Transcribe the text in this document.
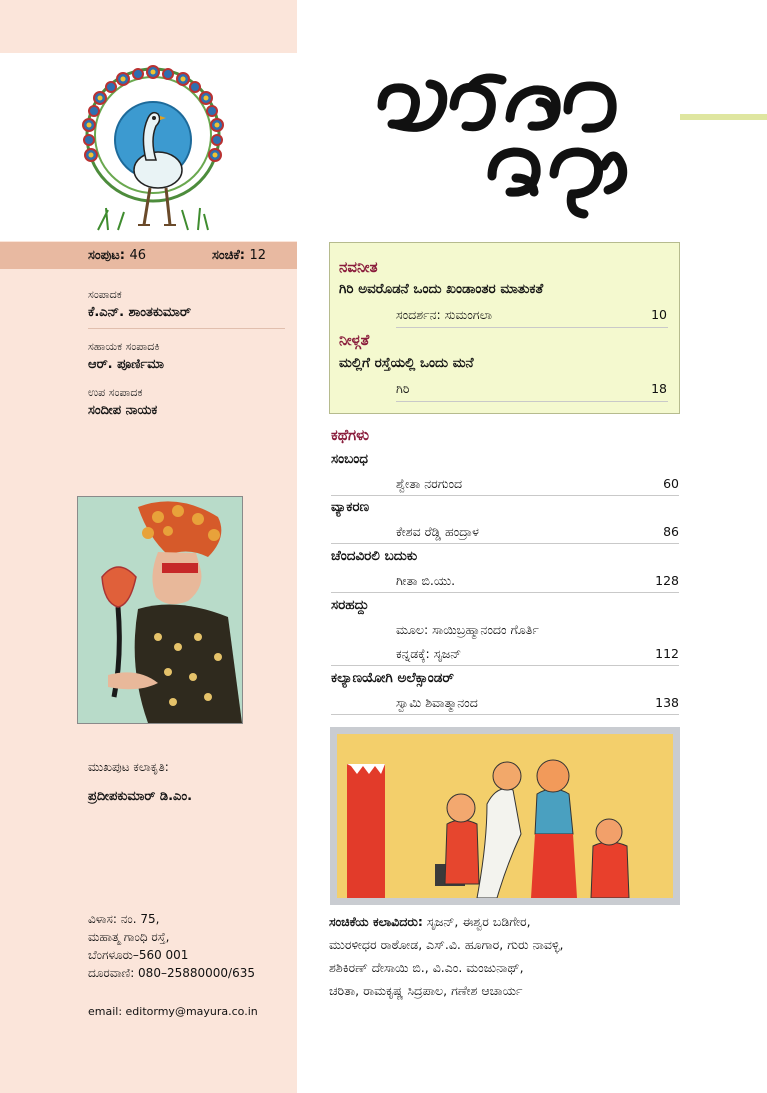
ಸಂಪುಟ: 46	ಸಂಚಿಕೆ: 12
ಸಂಪಾದಕ
ಕೆ.ಎನ್. ಶಾಂತಕುಮಾರ್
ಸಹಾಯಕ ಸಂಪಾದಕಿ
ಆರ್. ಪೂರ್ಣಿಮಾ
ಉಪ ಸಂಪಾದಕ
ಸಂದೀಪ ನಾಯಕ
ಮುಖಪುಟ ಕಲಾಕೃತಿ:
ಪ್ರದೀಪಕುಮಾರ್ ಡಿ.ಎಂ.
ವಿಳಾಸ: ನಂ. 75,
ಮಹಾತ್ಮ ಗಾಂಧಿ ರಸ್ತೆ,
ಬೆಂಗಳೂರು–560 001
ದೂರವಾಣಿ: 080–25880000/635
email: editormy@mayura.co.in
ನವನೀತ
ಗಿರಿ ಅವರೊಡನೆ ಒಂದು ಖಂಡಾಂತರ ಮಾತುಕತೆ
ಸಂದರ್ಶನ: ಸುಮಂಗಲಾ	10
ನೀಳ್ಗತೆ
ಮಲ್ಲಿಗೆ ರಸ್ತೆಯಲ್ಲಿ ಒಂದು ಮನೆ
ಗಿರಿ	18
ಕಥೆಗಳು
ಸಂಬಂಧ
ಶ್ವೇತಾ ನರಗುಂದ	60
ವ್ಯಾಕರಣ
ಕೇಶವ ರೆಡ್ಡಿ ಹಂದ್ರಾಳ	86
ಚೆಂದವಿರಲಿ ಬದುಕು
ಗೀತಾ ಬಿ.ಯು.	128
ಸರಹದ್ದು
ಮೂಲ: ಸಾಯಿಬ್ರಹ್ಮಾನಂದಂ ಗೊರ್ತಿ
ಕನ್ನಡಕ್ಕೆ: ಸೃಜನ್	112
ಕಲ್ಯಾಣಯೋಗಿ ಅಲೆಕ್ಸಾಂಡರ್
ಸ್ವಾಮಿ ಶಿವಾತ್ಮಾನಂದ	138
ಸಂಚಿಕೆಯ ಕಲಾವಿದರು: ಸೃಜನ್, ಈಶ್ವರ ಬಡಿಗೇರ,
ಮುರಳೀಧರ ರಾಠೋಡ, ಎಸ್.ವಿ. ಹೂಗಾರ, ಗುರು ನಾವಳ್ಳಿ,
ಶಶಿಕಿರಣ್ ದೇಸಾಯಿ ಬಿ., ವಿ.ಎಂ. ಮಂಜುನಾಥ್,
ಚರಿತಾ, ರಾಮಕೃಷ್ಣ ಸಿದ್ರಪಾಲ, ಗಣೇಶ ಆಚಾರ್ಯ
